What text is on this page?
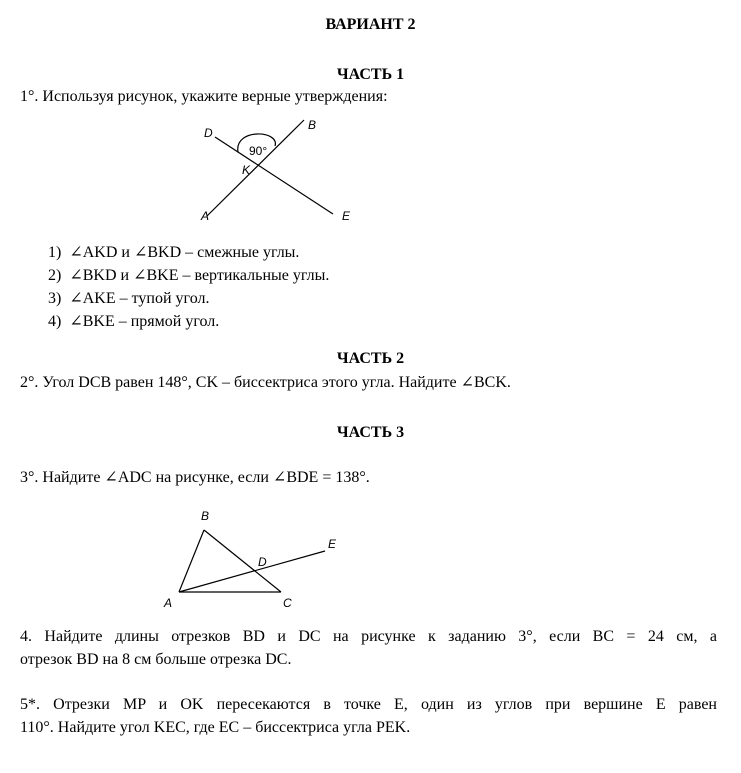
ВАРИАНТ 2
ЧАСТЬ 1
1°. Используя рисунок, укажите верные утверждения:
90°
D
B
K
A	E
1) ∠AKD и ∠BKD – смежные углы.
2) ∠BKD и ∠BKE – вертикальные углы.
3) ∠AKE – тупой угол.
4) ∠BKE – прямой угол.
ЧАСТЬ 2
2°. Угол DCB равен 148°, CK – биссектриса этого угла. Найдите ∠BCK.
ЧАСТЬ 3
3°. Найдите ∠ADC на рисунке, если ∠BDE = 138°.
B
E
D
A	C
4. Найдите длины отрезков BD и DC на рисунке к заданию 3°, если BC = 24 см, а
отрезок BD на 8 см больше отрезка DC.
5*. Отрезки MP и OK пересекаются в точке E, один из углов при вершине E равен
110°. Найдите угол KEC, где EC – биссектриса угла PEK.
